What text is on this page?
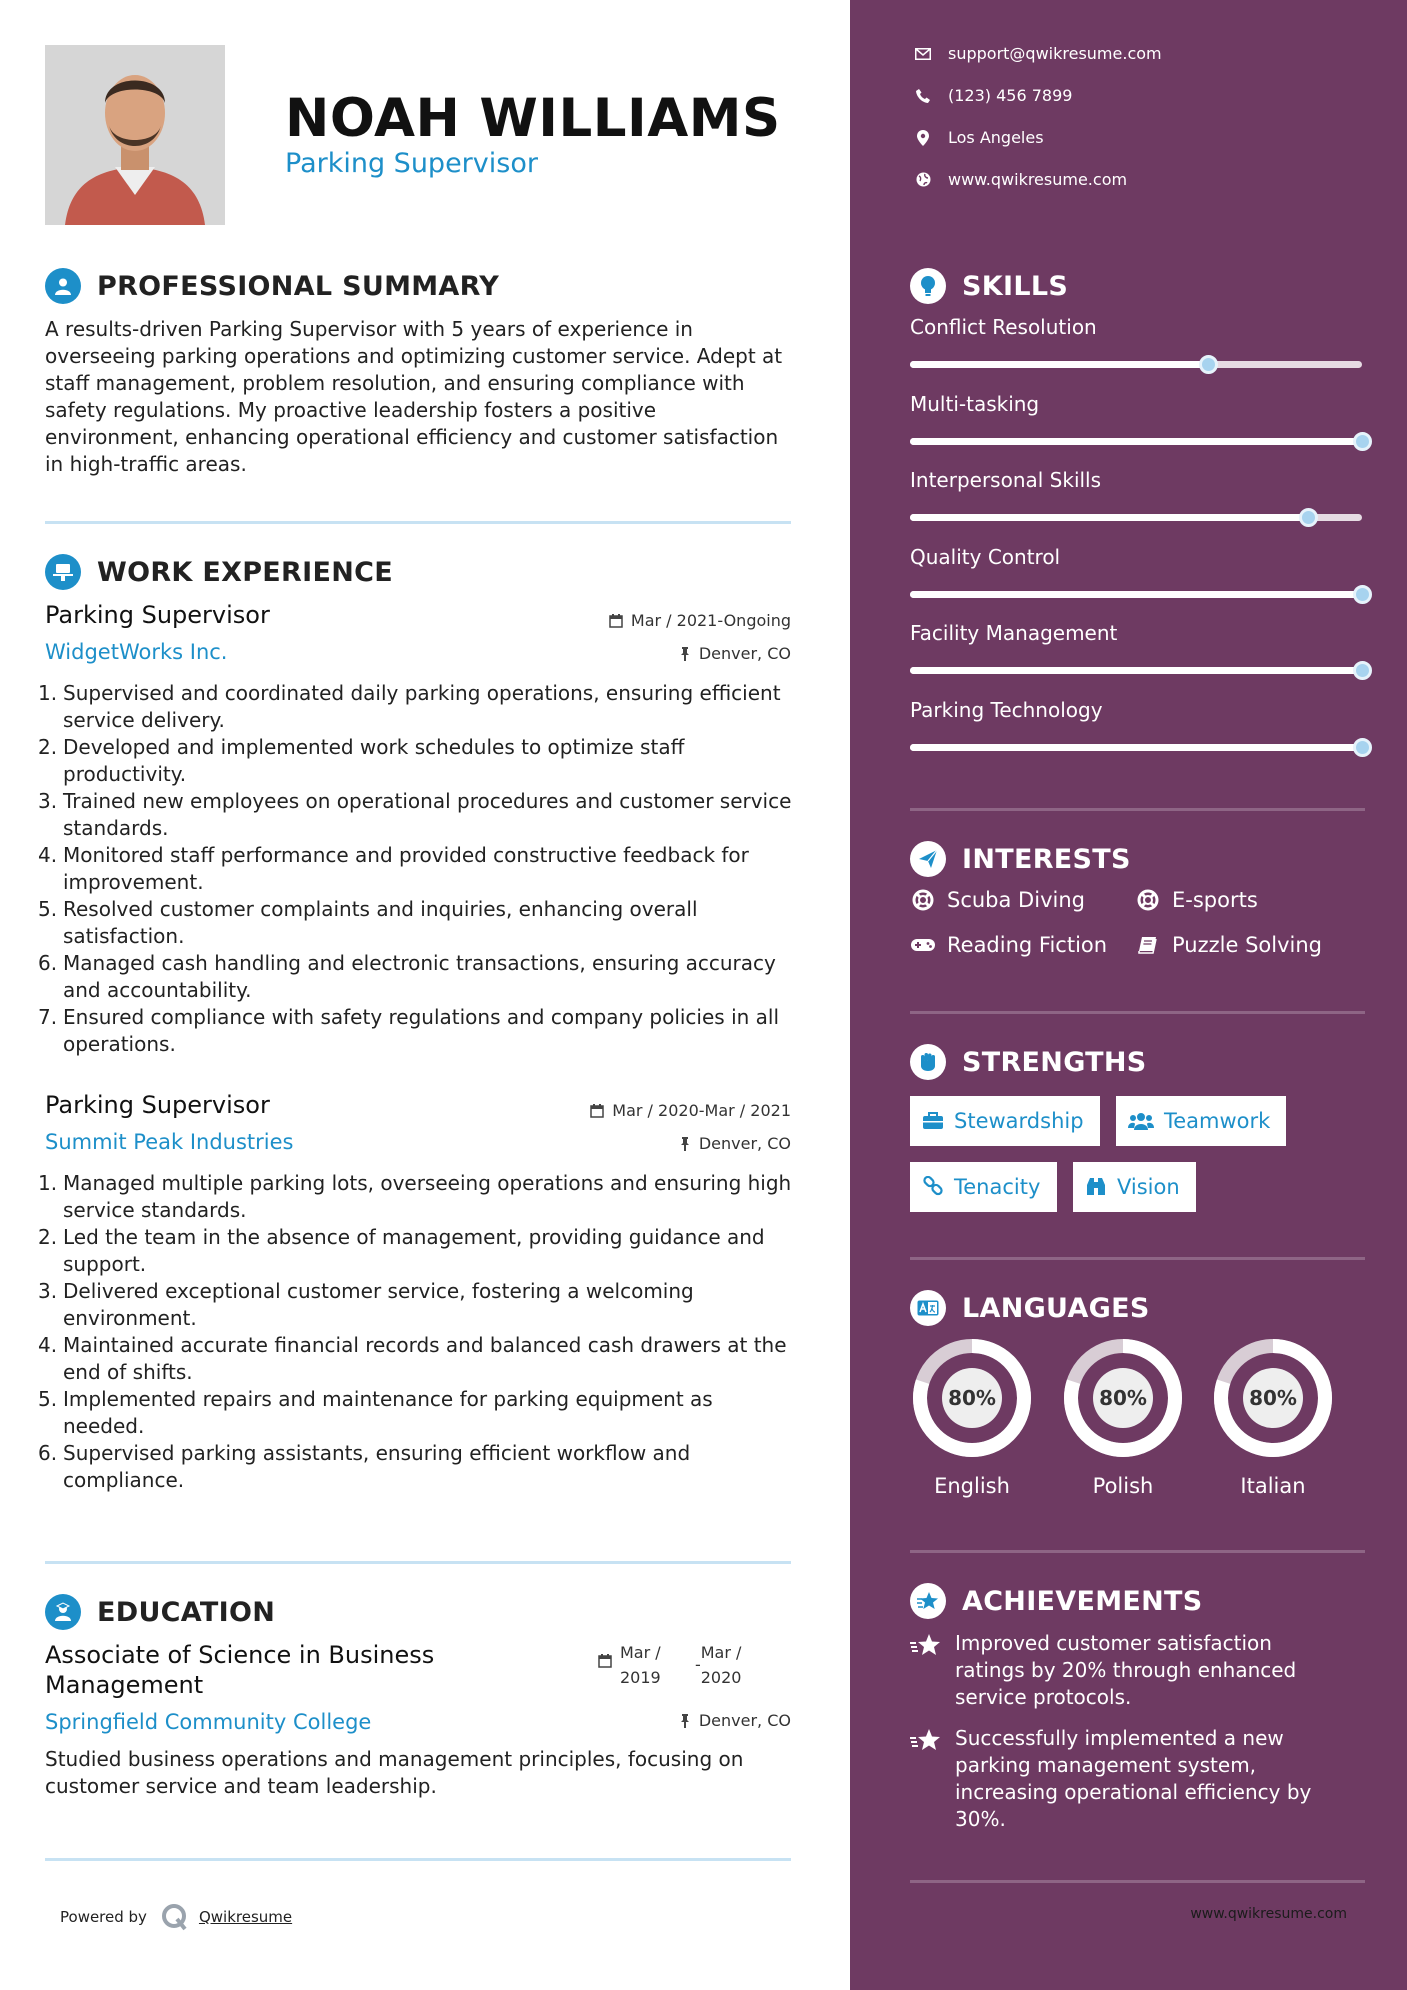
NOAH WILLIAMS
Parking Supervisor
PROFESSIONAL SUMMARY
A results-driven Parking Supervisor with 5 years of experience in overseeing parking operations and optimizing customer service. Adept at staff management, problem resolution, and ensuring compliance with safety regulations. My proactive leadership fosters a positive environment, enhancing operational efficiency and customer satisfaction in high-traffic areas.
WORK EXPERIENCE
Parking Supervisor	Mar / 2021-Ongoing
WidgetWorks Inc.	Denver, CO
1. Supervised and coordinated daily parking operations, ensuring efficient service delivery.
2. Developed and implemented work schedules to optimize staff productivity.
3. Trained new employees on operational procedures and customer service standards.
4. Monitored staff performance and provided constructive feedback for improvement.
5. Resolved customer complaints and inquiries, enhancing overall satisfaction.
6. Managed cash handling and electronic transactions, ensuring accuracy and accountability.
7. Ensured compliance with safety regulations and company policies in all operations.
Parking Supervisor	Mar / 2020-Mar / 2021
Summit Peak Industries	Denver, CO
1. Managed multiple parking lots, overseeing operations and ensuring high service standards.
2. Led the team in the absence of management, providing guidance and support.
3. Delivered exceptional customer service, fostering a welcoming environment.
4. Maintained accurate financial records and balanced cash drawers at the end of shifts.
5. Implemented repairs and maintenance for parking equipment as needed.
6. Supervised parking assistants, ensuring efficient workflow and compliance.
EDUCATION
Associate of Science in Business Management
Mar /
2019
-
Mar /
2020
Springfield Community College	Denver, CO
Studied business operations and management principles, focusing on customer service and team leadership.
Powered by	Qwikresume
support@qwikresume.com
(123) 456 7899
Los Angeles
www.qwikresume.com
SKILLS
Conflict Resolution
Multi-tasking
Interpersonal Skills
Quality Control
Facility Management
Parking Technology
INTERESTS
Scuba Diving	E-sports
Reading Fiction	Puzzle Solving
STRENGTHS
Stewardship	Teamwork
Tenacity	Vision
LANGUAGES
80%
English
80%
Polish
80%
Italian
ACHIEVEMENTS
Improved customer satisfaction ratings by 20% through enhanced service protocols.
Successfully implemented a new parking management system, increasing operational efficiency by 30%.
www.qwikresume.com
